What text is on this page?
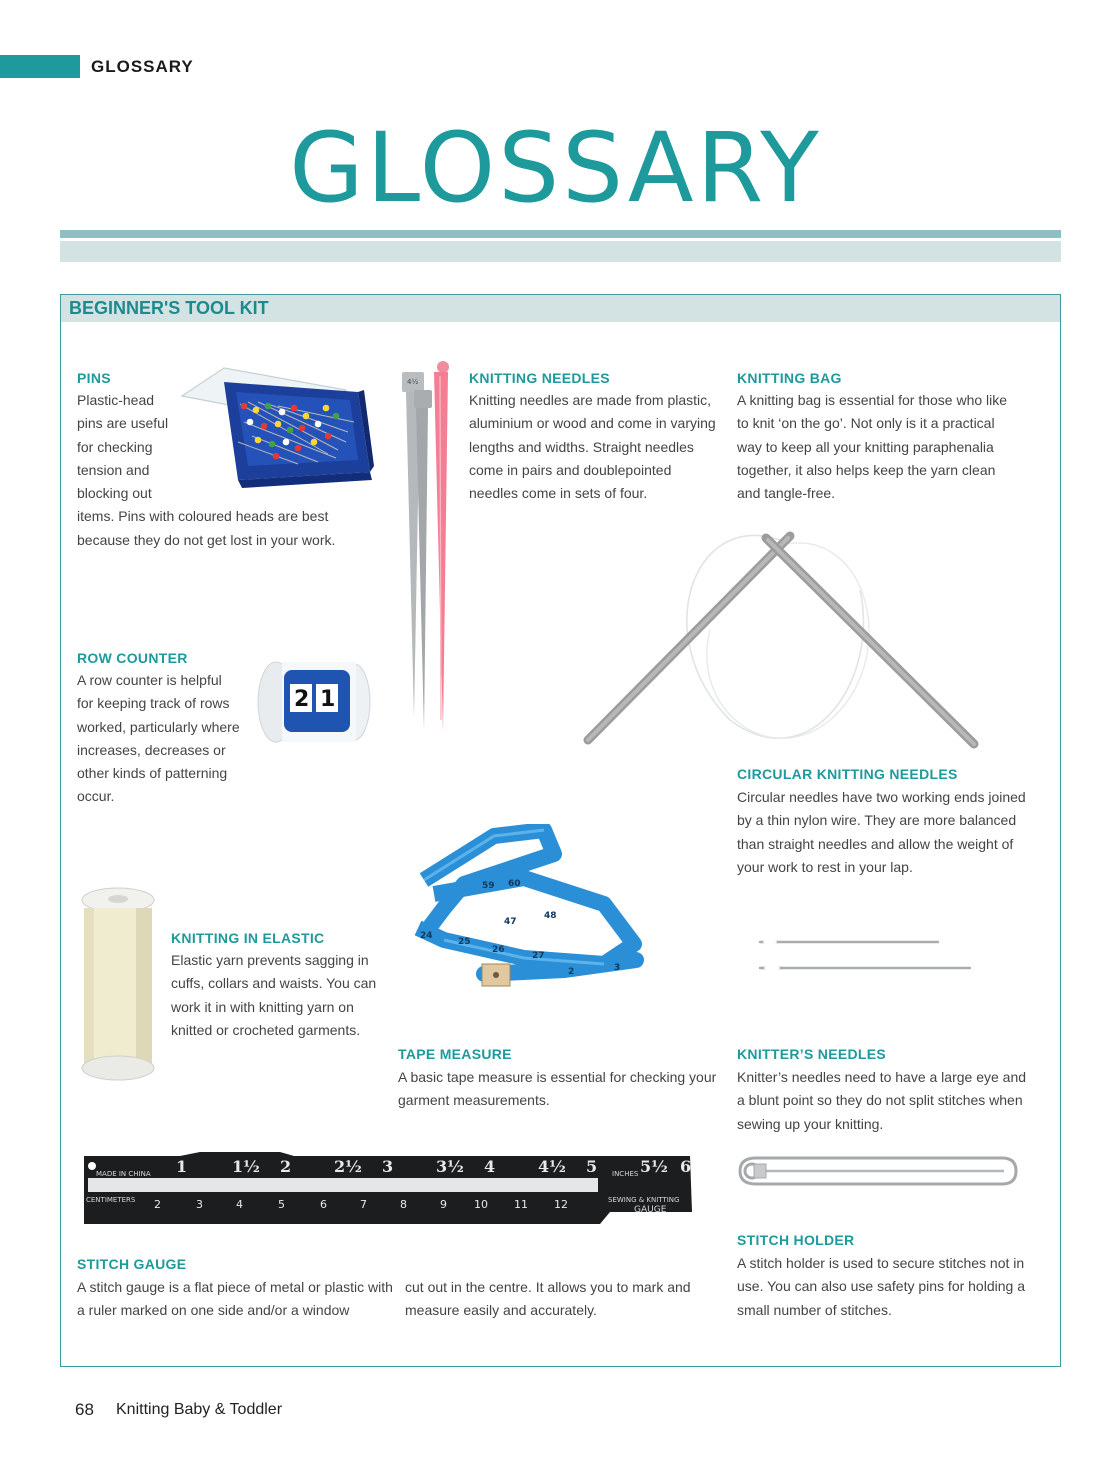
GLOSSARY
GLOSSARY
BEGINNER'S TOOL KIT
4½
2 1
59 60
48
47
24
25
26
27
2	3
1	1½ 2	2½ 3	3½ 4	4½ 5	5½ 6
2	3	4	5	6	7	8	9 10 11 12
MADE IN CHINA
CENTIMETERS
INCHES
SEWING & KNITTING
GAUGE
PINS
Plastic-head
pins are useful
for checking
tension and
blocking out
items. Pins with coloured heads are best
because they do not get lost in your work.
KNITTING NEEDLES
Knitting needles are made from plastic,
aluminium or wood and come in varying
lengths and widths. Straight needles
come in pairs and doublepointed
needles come in sets of four.
KNITTING BAG
A knitting bag is essential for those who like
to knit ‘on the go’. Not only is it a practical
way to keep all your knitting paraphenalia
together, it also helps keep the yarn clean
and tangle-free.
ROW COUNTER
A row counter is helpful
for keeping track of rows
worked, particularly where
increases, decreases or
other kinds of patterning
occur.
CIRCULAR KNITTING NEEDLES
Circular needles have two working ends joined
by a thin nylon wire. They are more balanced
than straight needles and allow the weight of
your work to rest in your lap.
KNITTING IN ELASTIC
Elastic yarn prevents sagging in
cuffs, collars and waists. You can
work it in with knitting yarn on
knitted or crocheted garments.
TAPE MEASURE
A basic tape measure is essential for checking your
garment measurements.
KNITTER’S NEEDLES
Knitter’s needles need to have a large eye and
a blunt point so they do not split stitches when
sewing up your knitting.
STITCH HOLDER
A stitch holder is used to secure stitches not in
use. You can also use safety pins for holding a
small number of stitches.
STITCH GAUGE
A stitch gauge is a flat piece of metal or plastic with
a ruler marked on one side and/or a window
cut out in the centre. It allows you to mark and
measure easily and accurately.
68 Knitting Baby & Toddler
